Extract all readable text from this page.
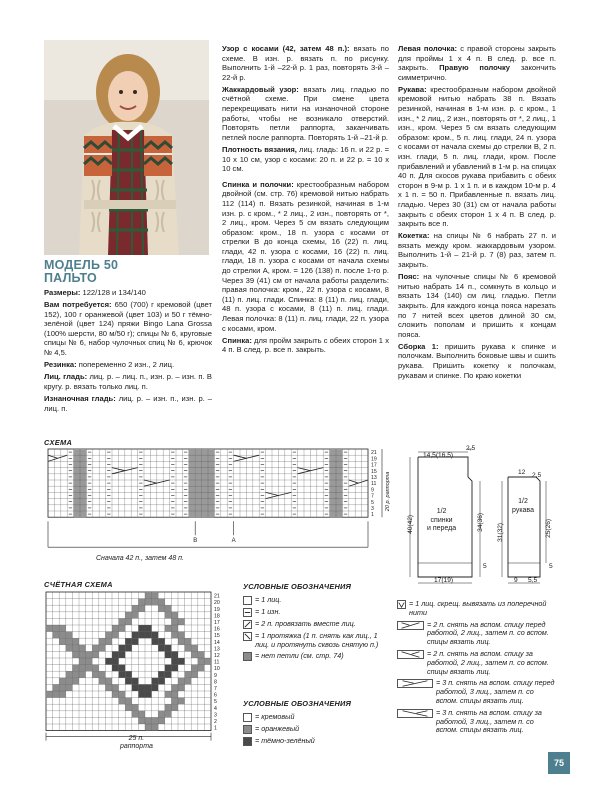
МОДЕЛЬ 50
ПАЛЬТО

Размеры: 122/128 и 134/140

Вам потребуется: 650 (700) г кремовой (цвет 152), 100 г оранжевой (цвет 103) и 50 г тёмно-зелёной (цвет 124) пряжи Bingo Lana Grossa (100% шерсти, 80 м/50 г); спицы № 6, круговые спицы № 6, набор чулочных спиц № 6, крючок № 4,5.

Резинка: попеременно 2 изн., 2 лиц.

Лиц. гладь: лиц. р. – лиц. п., изн. р. – изн. п. В кругу. р. вязать только лиц. п.

Изнаночная гладь: лиц. р. – изн. п., изн. р. – лиц. п.

Узор с косами (42, затем 48 п.): вязать по схеме. В изн. р. вязать п. по рисунку. Выполнить 1-й –22-й р. 1 раз, повторять 3-й – 22-й р.

Жаккардовый узор: вязать лиц. гладью по счётной схеме. При смене цвета перекрещивать нити на изнаночной стороне работы, чтобы не возникало отверстий. Повторять петли раппорта, заканчивать петлей после раппорта. Повторять 1-й –21-й р.

Плотность вязания, лиц. гладь: 16 п. и 22 р. = 10 х 10 см, узор с косами: 20 п. и 22 р. = 10 х 10 см.

Спинка и полочки: крестообразным набором двойной (см. стр. 76) кремовой нитью набрать 112 (114) п. Вязать резинкой, начиная в 1-м изн. р. с кром., * 2 лиц., 2 изн., повторять от *, 2 лиц., кром. Через 5 см вязать следующим образом: кром., 18 п. узора с косами от стрелки В до конца схемы, 16 (22) п. лиц. глади, 42 п. узора с косами, 16 (22) п. лиц. глади, 18 п. узора с косами от начала схемы до стрелки А, кром. = 126 (138) п. после 1-го р. Через 39 (41) см от начала работы разделить: правая полочка: кром., 22 п. узора с косами, 8 (11) п. лиц. глади. Спинка: 8 (11) п. лиц. глади, 48 п. узора с косами, 8 (11) п. лиц. глади. Левая полочка: 8 (11) п. лиц. глади, 22 п. узора с косами, кром.

Спинка: для пройм закрыть с обеих сторон 1 х 4 п. В след. р. все п. закрыть.

Левая полочка: с правой стороны закрыть для проймы 1 х 4 п. В след. р. все п. закрыть. Правую полочку закончить симметрично.

Рукава: крестообразным набором двойной кремовой нитью набрать 38 п. Вязать резинкой, начиная в 1-м изн. р. с кром., 1 изн., * 2 лиц., 2 изн., повторять от *, 2 лиц., 1 изн., кром. Через 5 см вязать следующим образом: кром., 5 п. лиц. глади, 24 п. узора с косами от начала схемы до стрелки В, 2 п. изн. глади, 5 п. лиц. глади, кром. После прибавлений и убавлений в 1-м р. на спицах 40 п. Для скосов рукава прибавить с обеих сторон в 9-м р. 1 х 1 п. и в каждом 10-м р. 4 х 1 п. = 50 п. Прибавленные п. вязать лиц. гладью. Через 30 (31) см от начала работы закрыть с обеих сторон 1 х 4 п. В след. р. закрыть все п.

Кокетка: на спицы № 6 набрать 27 п. и вязать между кром. жаккардовым узором. Выполнить 1-й – 21-й р. 7 (8) раз, затем п. закрыть.

Пояс: на чулочные спицы № 6 кремовой нитью набрать 14 п., сомкнуть в кольцо и вязать 134 (140) см лиц. гладью. Петли закрыть. Для каждого конца пояса нарезать по 7 нитей всех цветов длиной 30 см, сложить пополам и пришить к концам пояса.

Сборка 1: пришить рукава к спинке и полочкам. Выполнить боковые швы и сшить рукава. Пришить кокетку к полочкам, рукавам и спинке. По краю кокетки

СХЕМА
21
19
17
15
13
11
9
7
5
3
1
20 р. раппорта
В	А
Сначала 42 п., затем 48 п.
14,5(16,5)
2,5
1/2
спинки
и переда
40(42)	34(36)
5
17(19)
12 2,5
1/2
рукава
31(32)	25(26)
5
9 5,5
СЧЁТНАЯ СХЕМА
21
20
19
18
17
16
15
14
13
12
11
10
9
8
7
6
5
4
3
2
1
25 п.
раппорта
УСЛОВНЫЕ ОБОЗНАЧЕНИЯ
= 1 лиц.
= 1 изн.
= 2 п. провязать вместе лиц.
= 1 протяжка (1 п. снять как лиц., 1 лиц. и протянуть сквозь снятую п.)
= нет петли (см. стр. 74)
УСЛОВНЫЕ ОБОЗНАЧЕНИЯ
= кремовый
= оранжевый
= тёмно-зелёный
= 1 лиц. скрещ. вывязать из поперечной нити
= 2 п. снять на вспом. спицу перед работой, 2 лиц., затем п. со вспом. спицы вязать лиц.
= 2 п. снять на вспом. спицу за работой, 2 лиц., затем п. со вспом. спицы вязать лиц.
= 3 п. снять на вспом. спицу перед работой, 3 лиц., затем п. со вспом. спицы вязать лиц.
= 3 п. снять на вспом. спицу за работой, 3 лиц., затем п. со вспом. спицы вязать лиц.
75
